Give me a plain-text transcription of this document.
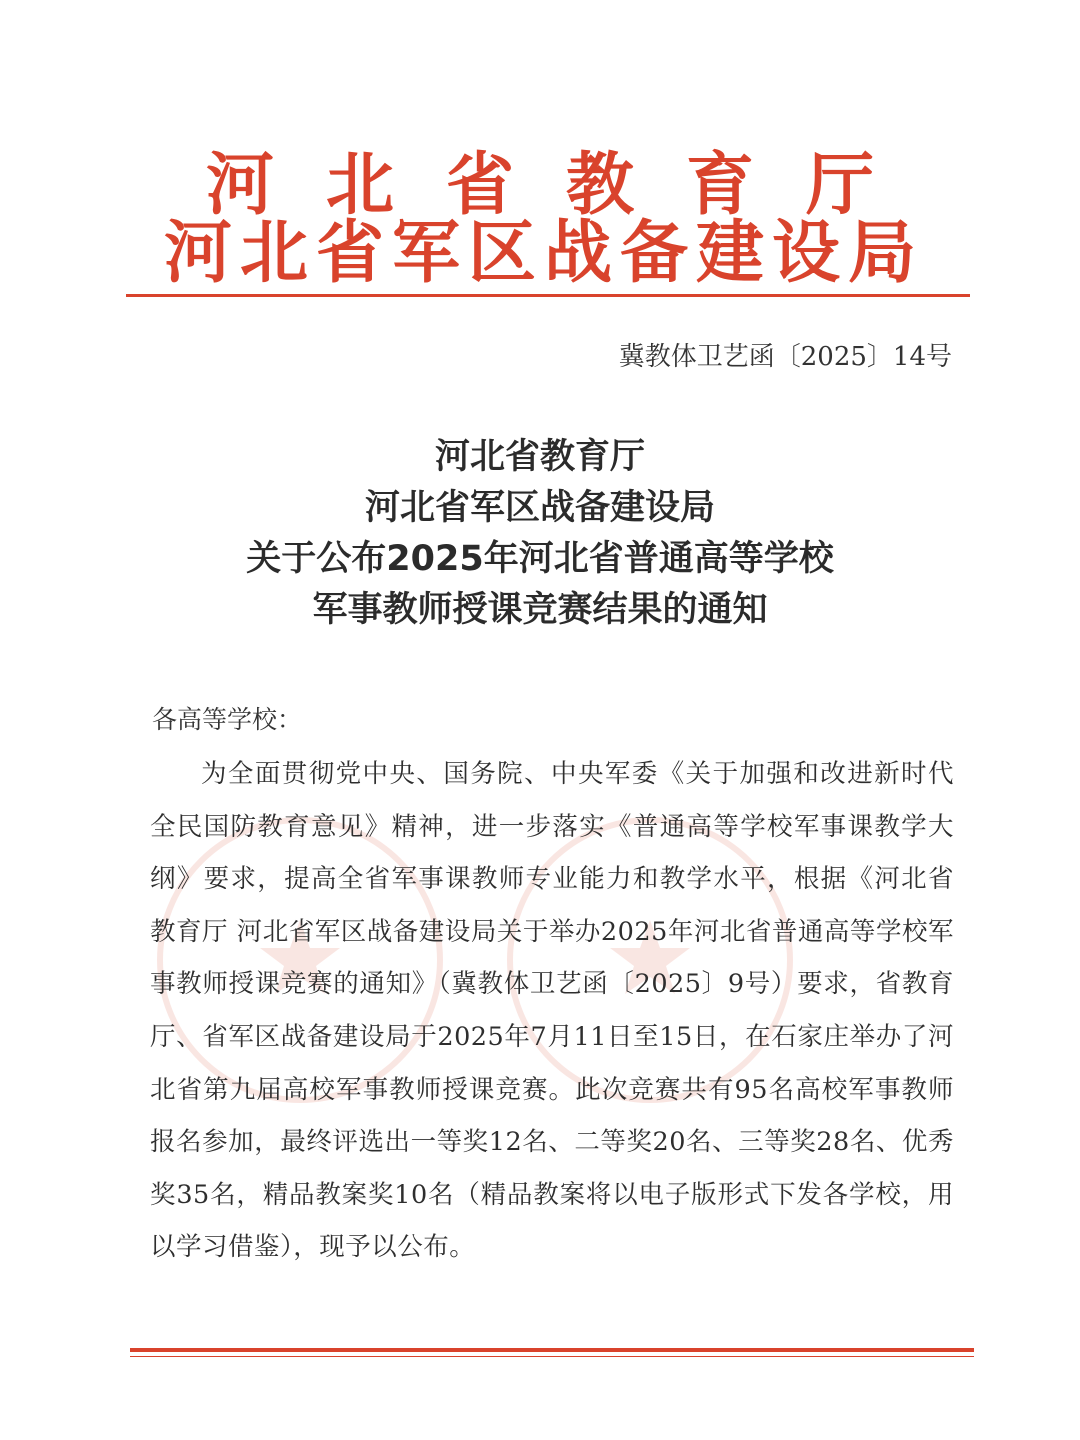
河北省教育厅
河北省军区战备建设局
冀教体卫艺函〔2025〕14号
河北省教育厅
河北省军区战备建设局
关于公布2025年河北省普通高等学校
军事教师授课竞赛结果的通知
各高等学校：
为全面贯彻党中央、国务院、中央军委《关于加强和改进新时代全民国防教育意见》精神，进一步落实《普通高等学校军事课教学大纲》要求，提高全省军事课教师专业能力和教学水平，根据《河北省教育厅 河北省军区战备建设局关于举办2025年河北省普通高等学校军事教师授课竞赛的通知》（冀教体卫艺函〔2025〕9号）要求，省教育厅、省军区战备建设局于2025年7月11日至15日，在石家庄举办了河北省第九届高校军事教师授课竞赛。此次竞赛共有95名高校军事教师报名参加，最终评选出一等奖12名、二等奖20名、三等奖28名、优秀奖35名，精品教案奖10名（精品教案将以电子版形式下发各学校，用以学习借鉴），现予以公布。
